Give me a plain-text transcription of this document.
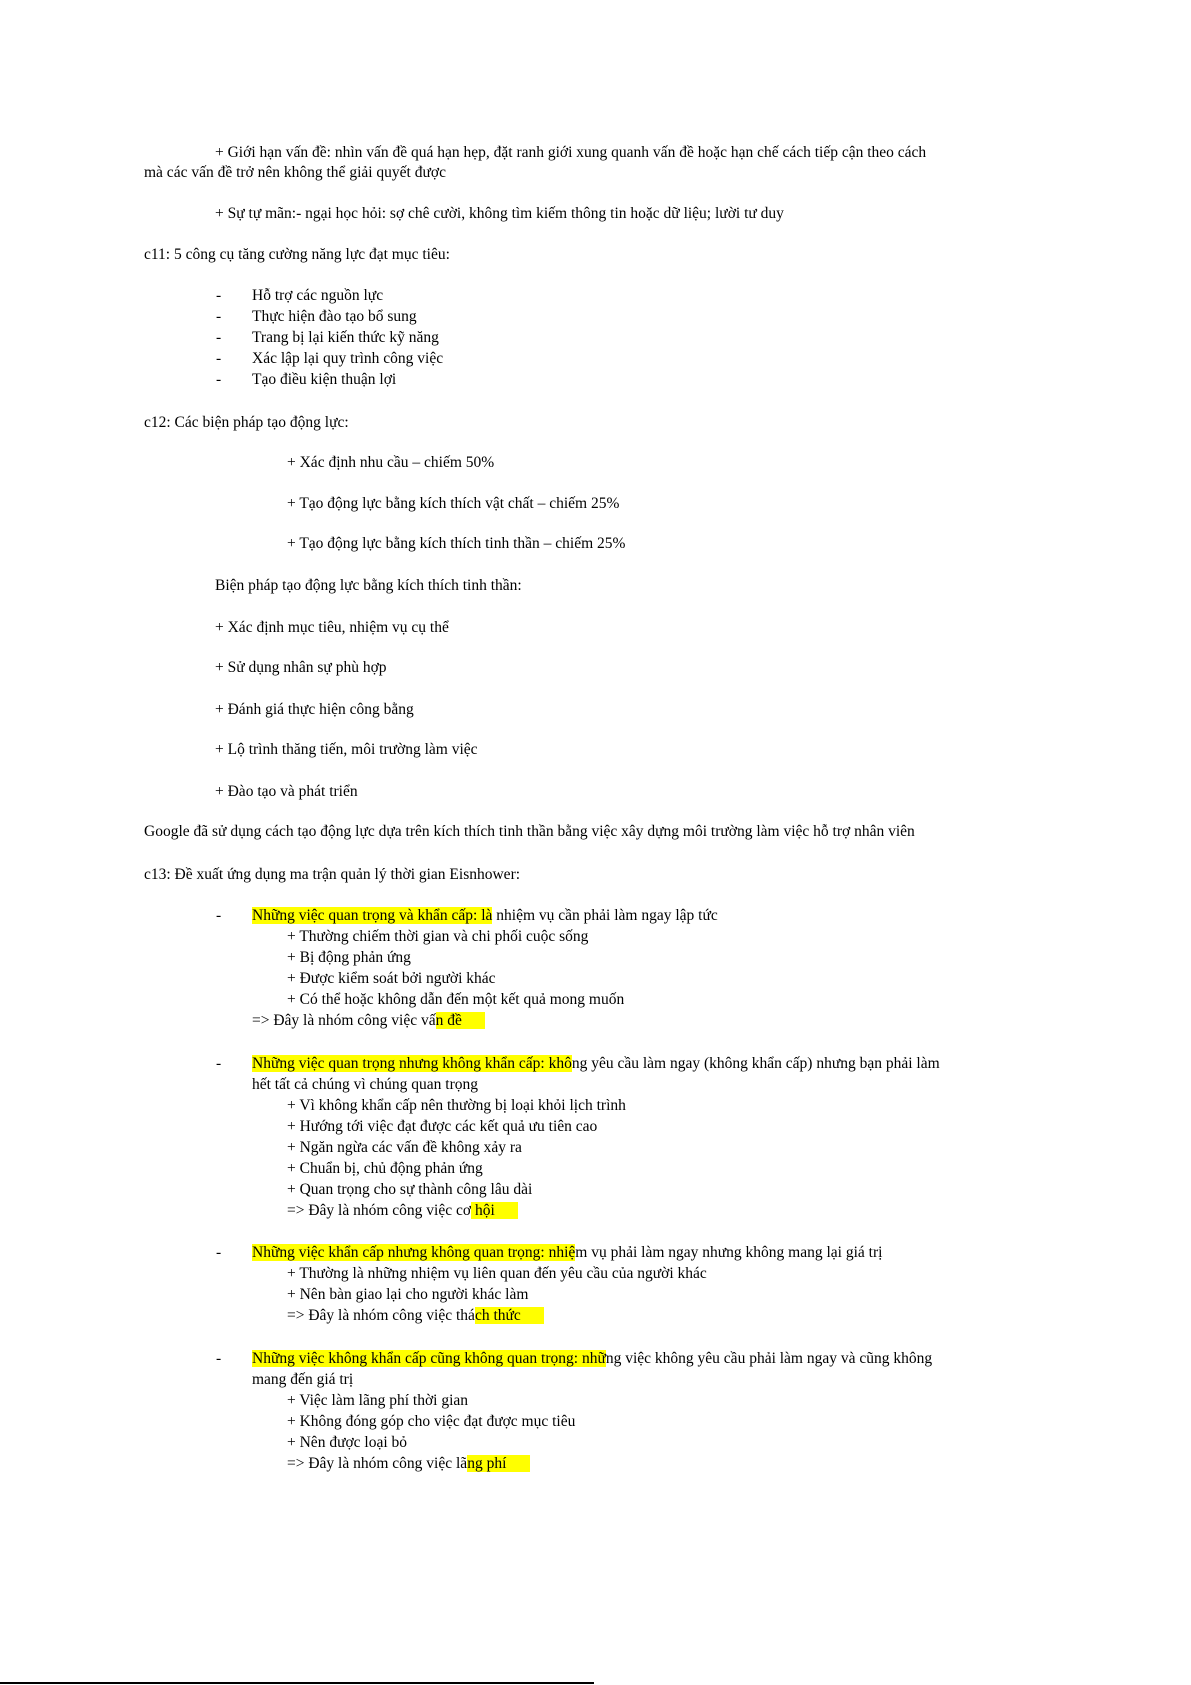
+ Giới hạn vấn đề: nhìn vấn đề quá hạn hẹp, đặt ranh giới xung quanh vấn đề hoặc hạn chế cách tiếp cận theo cách
mà các vấn đề trở nên không thể giải quyết được
+ Sự tự mãn:- ngại học hỏi: sợ chê cười, không tìm kiếm thông tin hoặc dữ liệu; lười tư duy
c11: 5 công cụ tăng cường năng lực đạt mục tiêu:
- Hỗ trợ các nguồn lực
- Thực hiện đào tạo bổ sung
- Trang bị lại kiến thức kỹ năng
- Xác lập lại quy trình công việc
- Tạo điều kiện thuận lợi
c12: Các biện pháp tạo động lực:
+ Xác định nhu cầu – chiếm 50%
+ Tạo động lực bằng kích thích vật chất – chiếm 25%
+ Tạo động lực bằng kích thích tinh thần – chiếm 25%
Biện pháp tạo động lực bằng kích thích tinh thần:
+ Xác định mục tiêu, nhiệm vụ cụ thể
+ Sử dụng nhân sự phù hợp
+ Đánh giá thực hiện công bằng
+ Lộ trình thăng tiến, môi trường làm việc
+ Đào tạo và phát triển
Google đã sử dụng cách tạo động lực dựa trên kích thích tinh thần bằng việc xây dựng môi trường làm việc hỗ trợ nhân viên
c13: Đề xuất ứng dụng ma trận quản lý thời gian Eisnhower:
- Những việc quan trọng và khẩn cấp: là nhiệm vụ cần phải làm ngay lập tức
+ Thường chiếm thời gian và chi phối cuộc sống
+ Bị động phản ứng
+ Được kiểm soát bởi người khác
+ Có thể hoặc không dẫn đến một kết quả mong muốn
=> Đây là nhóm công việc vấn đề
- Những việc quan trọng nhưng không khẩn cấp: không yêu cầu làm ngay (không khẩn cấp) nhưng bạn phải làm
hết tất cả chúng vì chúng quan trọng
+ Vì không khẩn cấp nên thường bị loại khỏi lịch trình
+ Hướng tới việc đạt được các kết quả ưu tiên cao
+ Ngăn ngừa các vấn đề không xảy ra
+ Chuẩn bị, chủ động phản ứng
+ Quan trọng cho sự thành công lâu dài
=> Đây là nhóm công việc cơ hội
- Những việc khẩn cấp nhưng không quan trọng: nhiệm vụ phải làm ngay nhưng không mang lại giá trị
+ Thường là những nhiệm vụ liên quan đến yêu cầu của người khác
+ Nên bàn giao lại cho người khác làm
=> Đây là nhóm công việc thách thức
- Những việc không khẩn cấp cũng không quan trọng: những việc không yêu cầu phải làm ngay và cũng không
mang đến giá trị
+ Việc làm lãng phí thời gian
+ Không đóng góp cho việc đạt được mục tiêu
+ Nên được loại bỏ
=> Đây là nhóm công việc lãng phí
